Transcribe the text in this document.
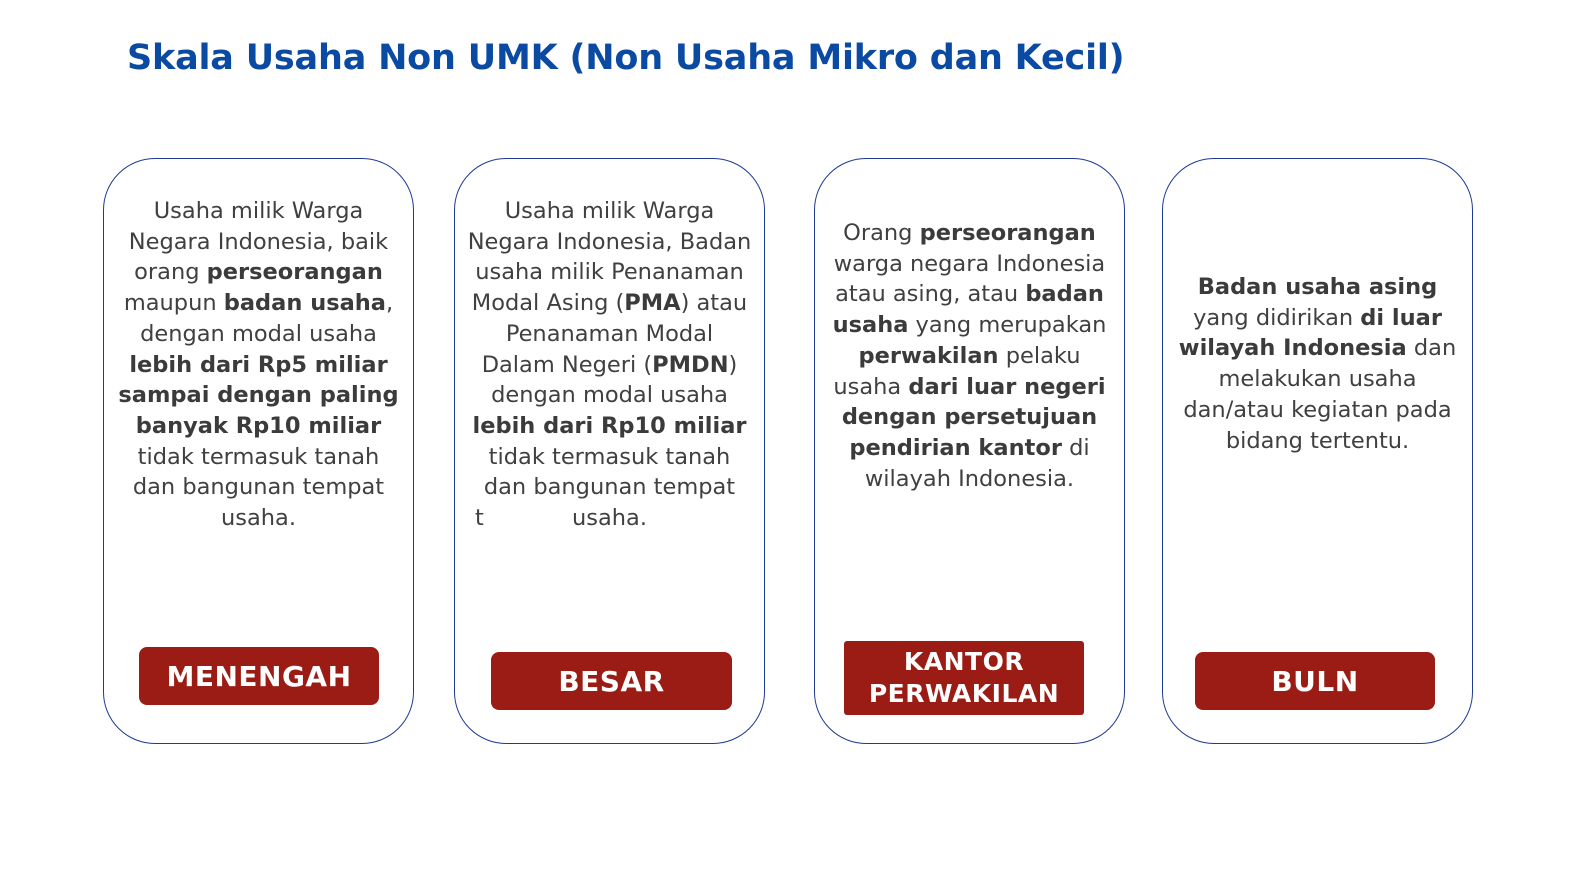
Skala Usaha Non UMK (Non Usaha Mikro dan Kecil)
Usaha milik Warga Negara Indonesia, baik orang perseorangan maupun badan usaha, dengan modal usaha lebih dari Rp5 miliar sampai dengan paling banyak Rp10 miliar tidak termasuk tanah dan bangunan tempat usaha.
MENENGAH
Usaha milik Warga Negara Indonesia, Badan usaha milik Penanaman Modal Asing (PMA) atau Penanaman Modal Dalam Negeri (PMDN) dengan modal usaha lebih dari Rp10 miliar tidak termasuk tanah dan bangunan tempat usaha.
t
BESAR
Orang perseorangan warga negara Indonesia atau asing, atau badan usaha yang merupakan perwakilan pelaku usaha dari luar negeri dengan persetujuan pendirian kantor di wilayah Indonesia.
KANTOR
PERWAKILAN
Badan usaha asing yang didirikan di luar wilayah Indonesia dan melakukan usaha dan/atau kegiatan pada bidang tertentu.
BULN
